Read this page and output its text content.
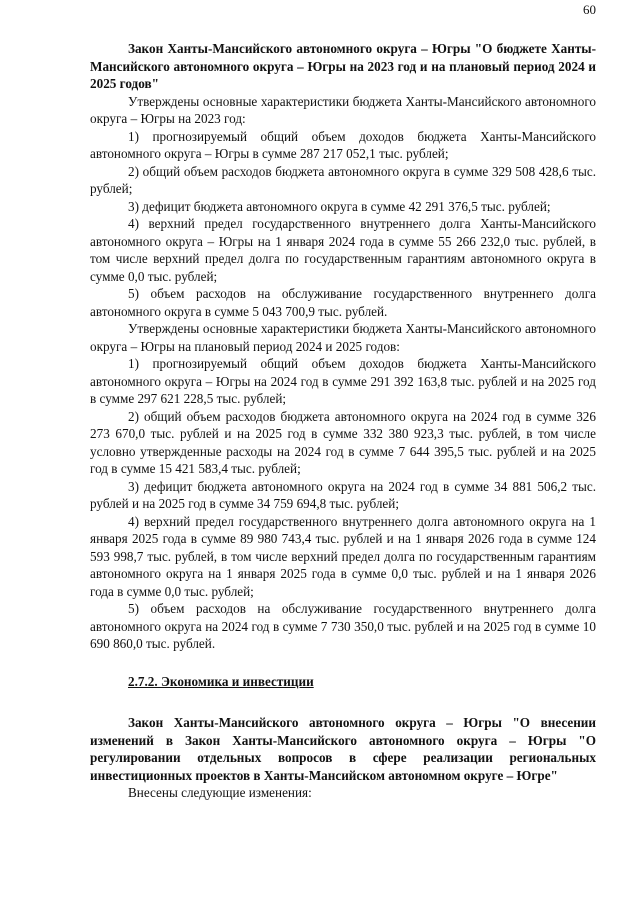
60

Закон Ханты-Мансийского автономного округа – Югры "О бюджете Ханты-Мансийского автономного округа – Югры на 2023 год и на плановый период 2024 и 2025 годов"

Утверждены основные характеристики бюджета Ханты-Мансийского автономного округа – Югры на 2023 год:

1) прогнозируемый общий объем доходов бюджета Ханты-Мансийского автономного округа – Югры в сумме 287 217 052,1 тыс. рублей;

2) общий объем расходов бюджета автономного округа в сумме 329 508 428,6 тыс. рублей;

3) дефицит бюджета автономного округа в сумме 42 291 376,5 тыс. рублей;

4) верхний предел государственного внутреннего долга Ханты-Мансийского автономного округа – Югры на 1 января 2024 года в сумме 55 266 232,0 тыс. рублей, в том числе верхний предел долга по государственным гарантиям автономного округа в сумме 0,0 тыс. рублей;

5) объем расходов на обслуживание государственного внутреннего долга автономного округа в сумме 5 043 700,9 тыс. рублей.

Утверждены основные характеристики бюджета Ханты-Мансийского автономного округа – Югры на плановый период 2024 и 2025 годов:

1) прогнозируемый общий объем доходов бюджета Ханты-Мансийского автономного округа – Югры на 2024 год в сумме 291 392 163,8 тыс. рублей и на 2025 год в сумме 297 621 228,5 тыс. рублей;

2) общий объем расходов бюджета автономного округа на 2024 год в сумме 326 273 670,0 тыс. рублей и на 2025 год в сумме 332 380 923,3 тыс. рублей, в том числе условно утвержденные расходы на 2024 год в сумме 7 644 395,5 тыс. рублей и на 2025 год в сумме 15 421 583,4 тыс. рублей;

3) дефицит бюджета автономного округа на 2024 год в сумме 34 881 506,2 тыс. рублей и на 2025 год в сумме 34 759 694,8 тыс. рублей;

4) верхний предел государственного внутреннего долга автономного округа на 1 января 2025 года в сумме 89 980 743,4 тыс. рублей и на 1 января 2026 года в сумме 124 593 998,7 тыс. рублей, в том числе верхний предел долга по государственным гарантиям автономного округа на 1 января 2025 года в сумме 0,0 тыс. рублей и на 1 января 2026 года в сумме 0,0 тыс. рублей;

5) объем расходов на обслуживание государственного внутреннего долга автономного округа на 2024 год в сумме 7 730 350,0 тыс. рублей и на 2025 год в сумме 10 690 860,0 тыс. рублей.

2.7.2. Экономика и инвестиции

Закон Ханты-Мансийского автономного округа – Югры "О внесении изменений в Закон Ханты-Мансийского автономного округа – Югры "О регулировании отдельных вопросов в сфере реализации региональных инвестиционных проектов в Ханты-Мансийском автономном округе – Югре"

Внесены следующие изменения:
